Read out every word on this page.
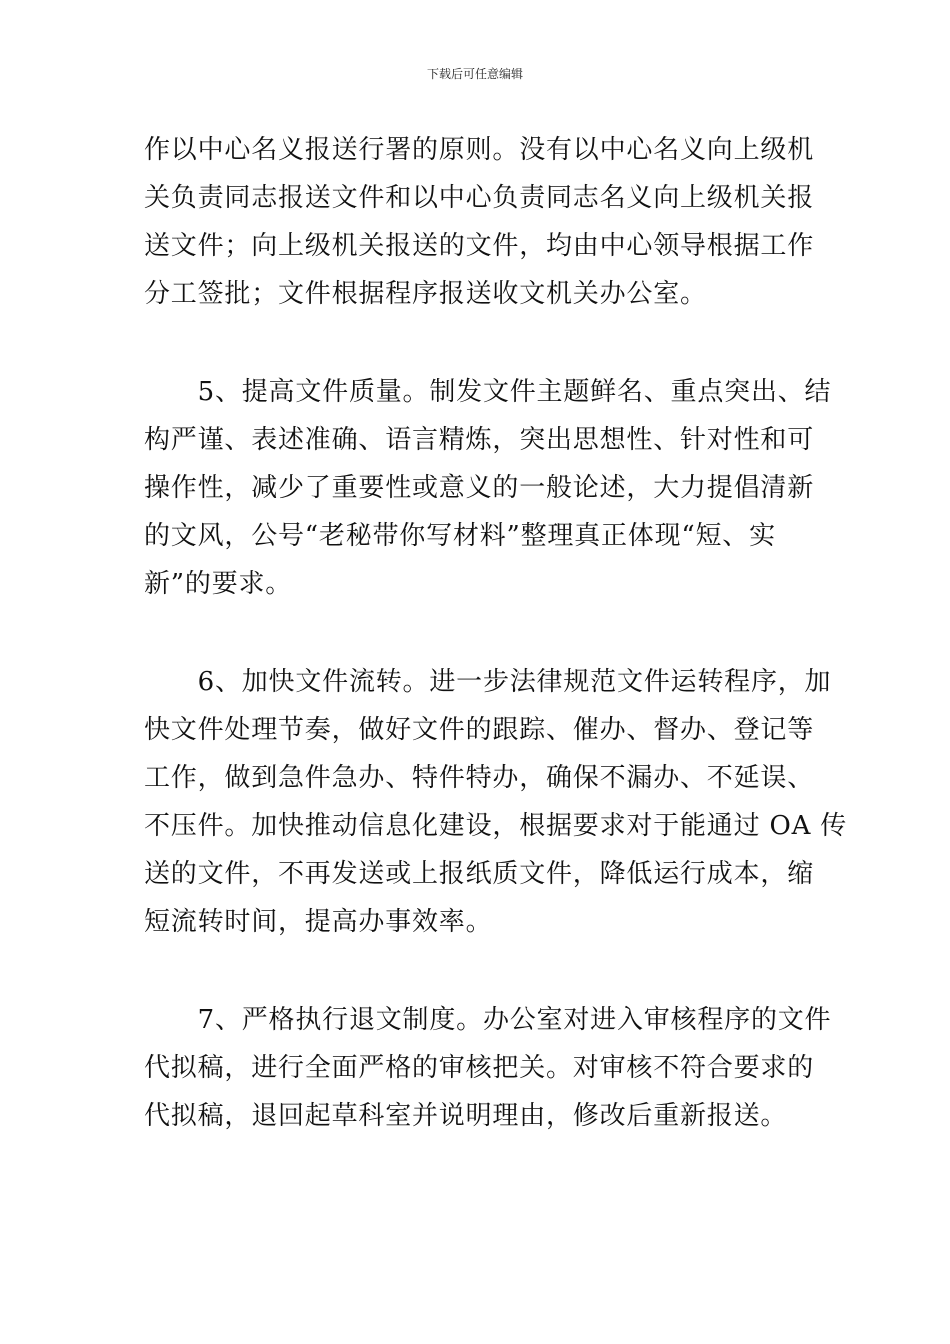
下载后可任意编辑
作以中心名义报送行署的原则。没有以中心名义向上级机
关负责同志报送文件和以中心负责同志名义向上级机关报
送文件；向上级机关报送的文件，均由中心领导根据工作
分工签批；文件根据程序报送收文机关办公室。
　　5、提高文件质量。制发文件主题鲜名、重点突出、结
构严谨、表述准确、语言精炼，突出思想性、针对性和可
操作性，减少了重要性或意义的一般论述，大力提倡清新
的文风，公号“老秘带你写材料”整理真正体现“短、实
新”的要求。
　　6、加快文件流转。进一步法律规范文件运转程序，加
快文件处理节奏，做好文件的跟踪、催办、督办、登记等
工作，做到急件急办、特件特办，确保不漏办、不延误、
不压件。加快推动信息化建设，根据要求对于能通过 OA 传
送的文件，不再发送或上报纸质文件，降低运行成本，缩
短流转时间，提高办事效率。
　　7、严格执行退文制度。办公室对进入审核程序的文件
代拟稿，进行全面严格的审核把关。对审核不符合要求的
代拟稿，退回起草科室并说明理由，修改后重新报送。
